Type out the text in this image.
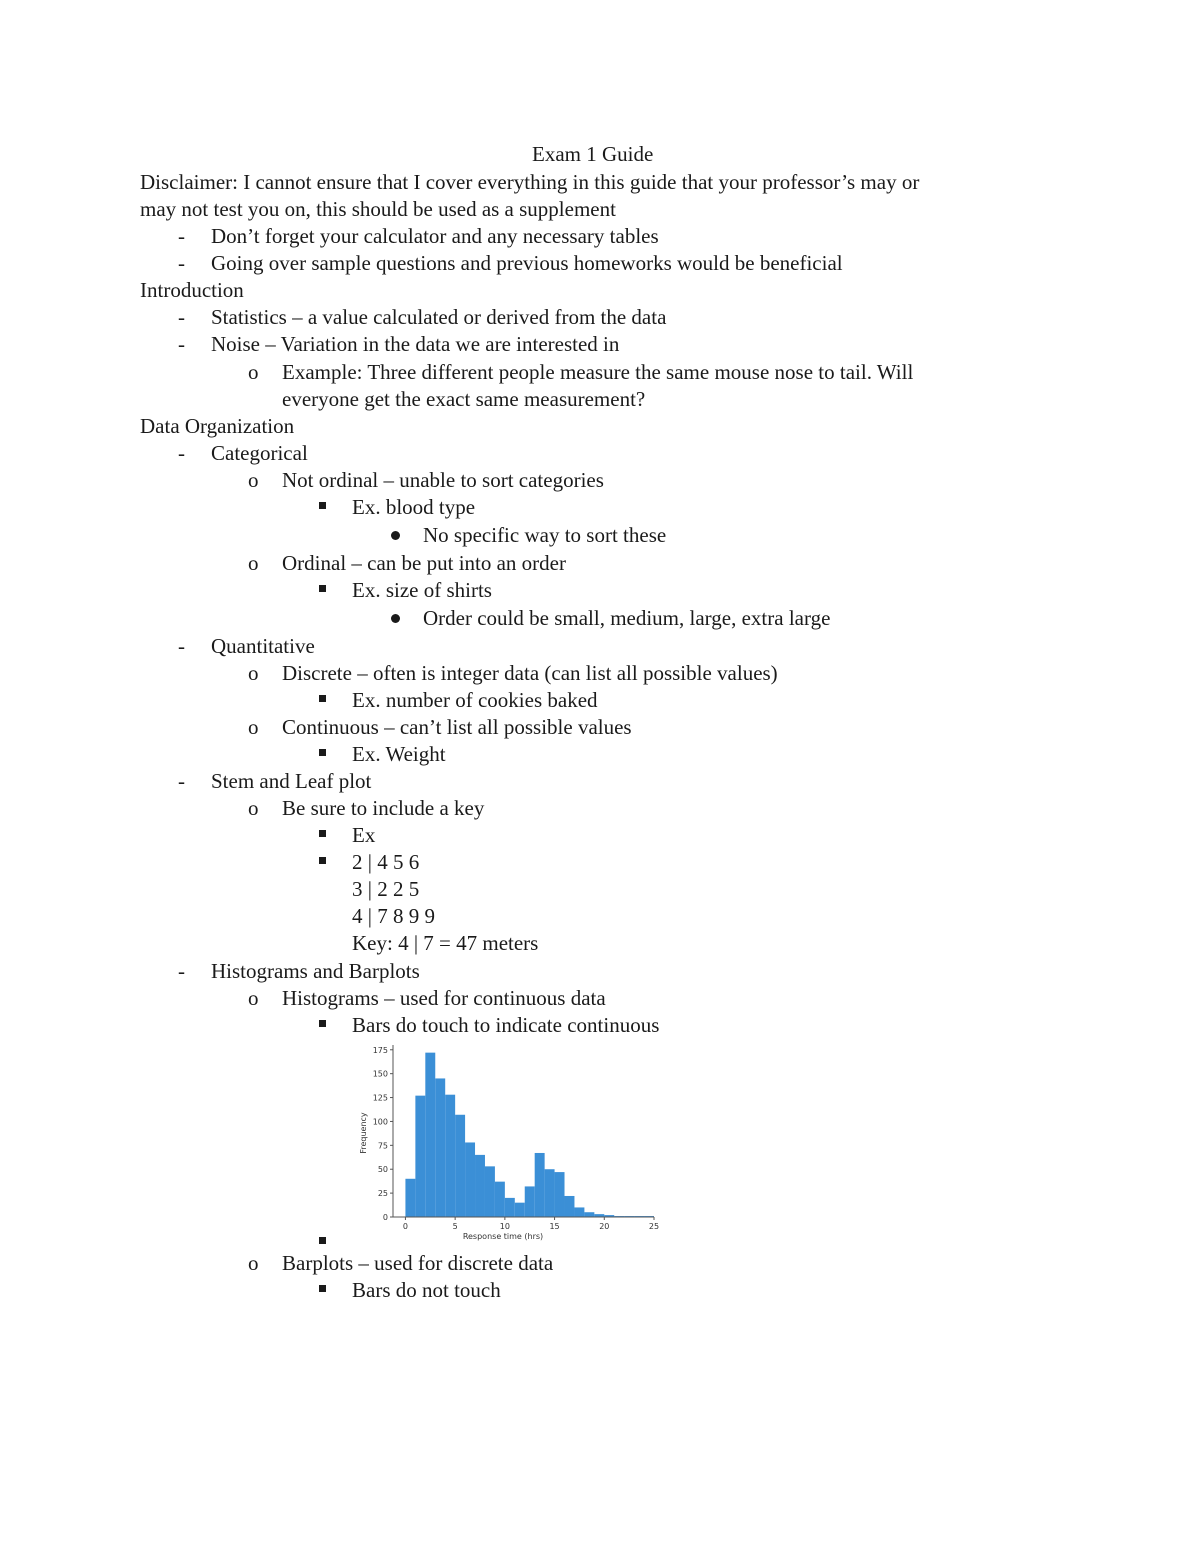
Exam 1 Guide
Disclaimer: I cannot ensure that I cover everything in this guide that your professor’s may or
may not test you on, this should be used as a supplement
- Don’t forget your calculator and any necessary tables
- Going over sample questions and previous homeworks would be beneficial
Introduction
- Statistics – a value calculated or derived from the data
- Noise – Variation in the data we are interested in
o Example: Three different people measure the same mouse nose to tail. Will
everyone get the exact same measurement?
Data Organization
- Categorical
o Not ordinal – unable to sort categories
Ex. blood type
No specific way to sort these
o Ordinal – can be put into an order
Ex. size of shirts
Order could be small, medium, large, extra large
- Quantitative
o Discrete – often is integer data (can list all possible values)
Ex. number of cookies baked
o Continuous – can’t list all possible values
Ex. Weight
- Stem and Leaf plot
o Be sure to include a key
Ex
2 | 4 5 6
3 | 2 2 5
4 | 7 8 9 9
Key: 4 | 7 = 47 meters
- Histograms and Barplots
o Histograms – used for continuous data
Bars do touch to indicate continuous
0
25
50
75
100
125
150
175
0	5	10	15	20	25
Response time (hrs)
Frequency
o Barplots – used for discrete data
Bars do not touch
